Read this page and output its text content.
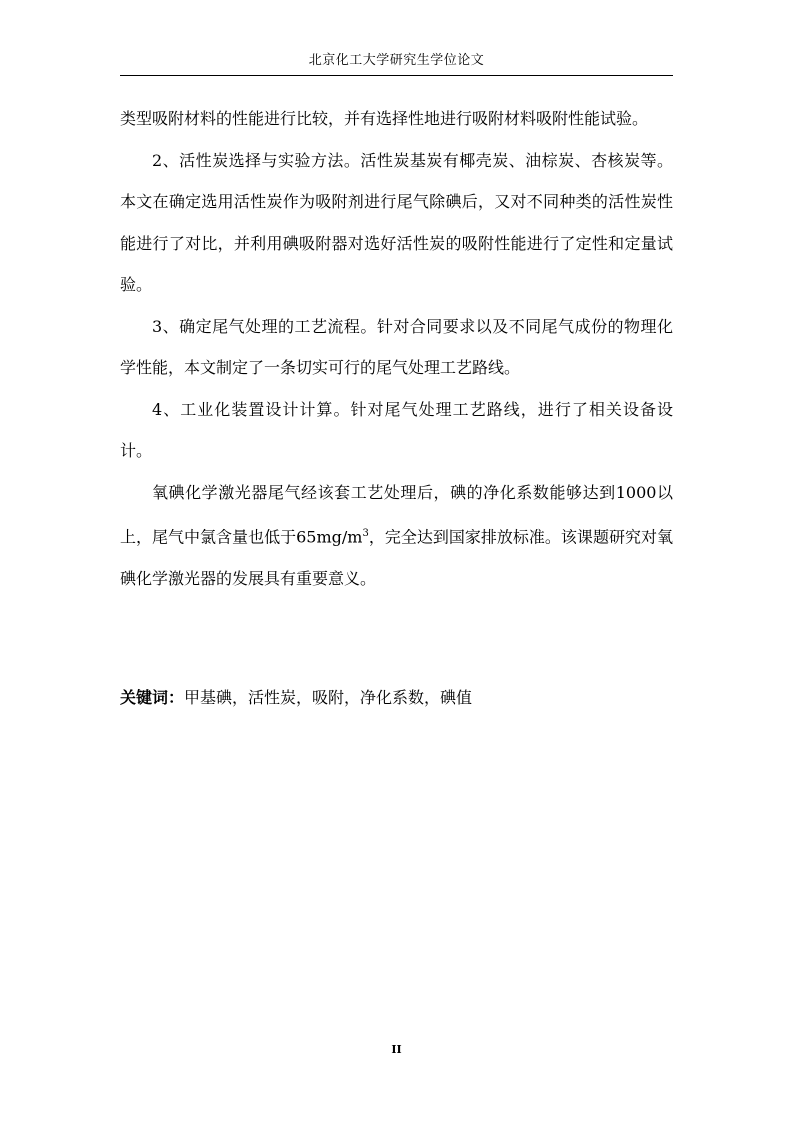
北京化工大学研究生学位论文

类型吸附材料的性能进行比较，并有选择性地进行吸附材料吸附性能试验。

2、活性炭选择与实验方法。活性炭基炭有椰壳炭、油棕炭、杏核炭等。本文在确定选用活性炭作为吸附剂进行尾气除碘后，又对不同种类的活性炭性能进行了对比，并利用碘吸附器对选好活性炭的吸附性能进行了定性和定量试验。

3、确定尾气处理的工艺流程。针对合同要求以及不同尾气成份的物理化学性能，本文制定了一条切实可行的尾气处理工艺路线。

4、工业化装置设计计算。针对尾气处理工艺路线，进行了相关设备设计。

氧碘化学激光器尾气经该套工艺处理后，碘的净化系数能够达到1000以上，尾气中氯含量也低于$65mg/m^3$，完全达到国家排放标准。该课题研究对氧碘化学激光器的发展具有重要意义。

关键词：甲基碘，活性炭，吸附，净化系数，碘值
II
